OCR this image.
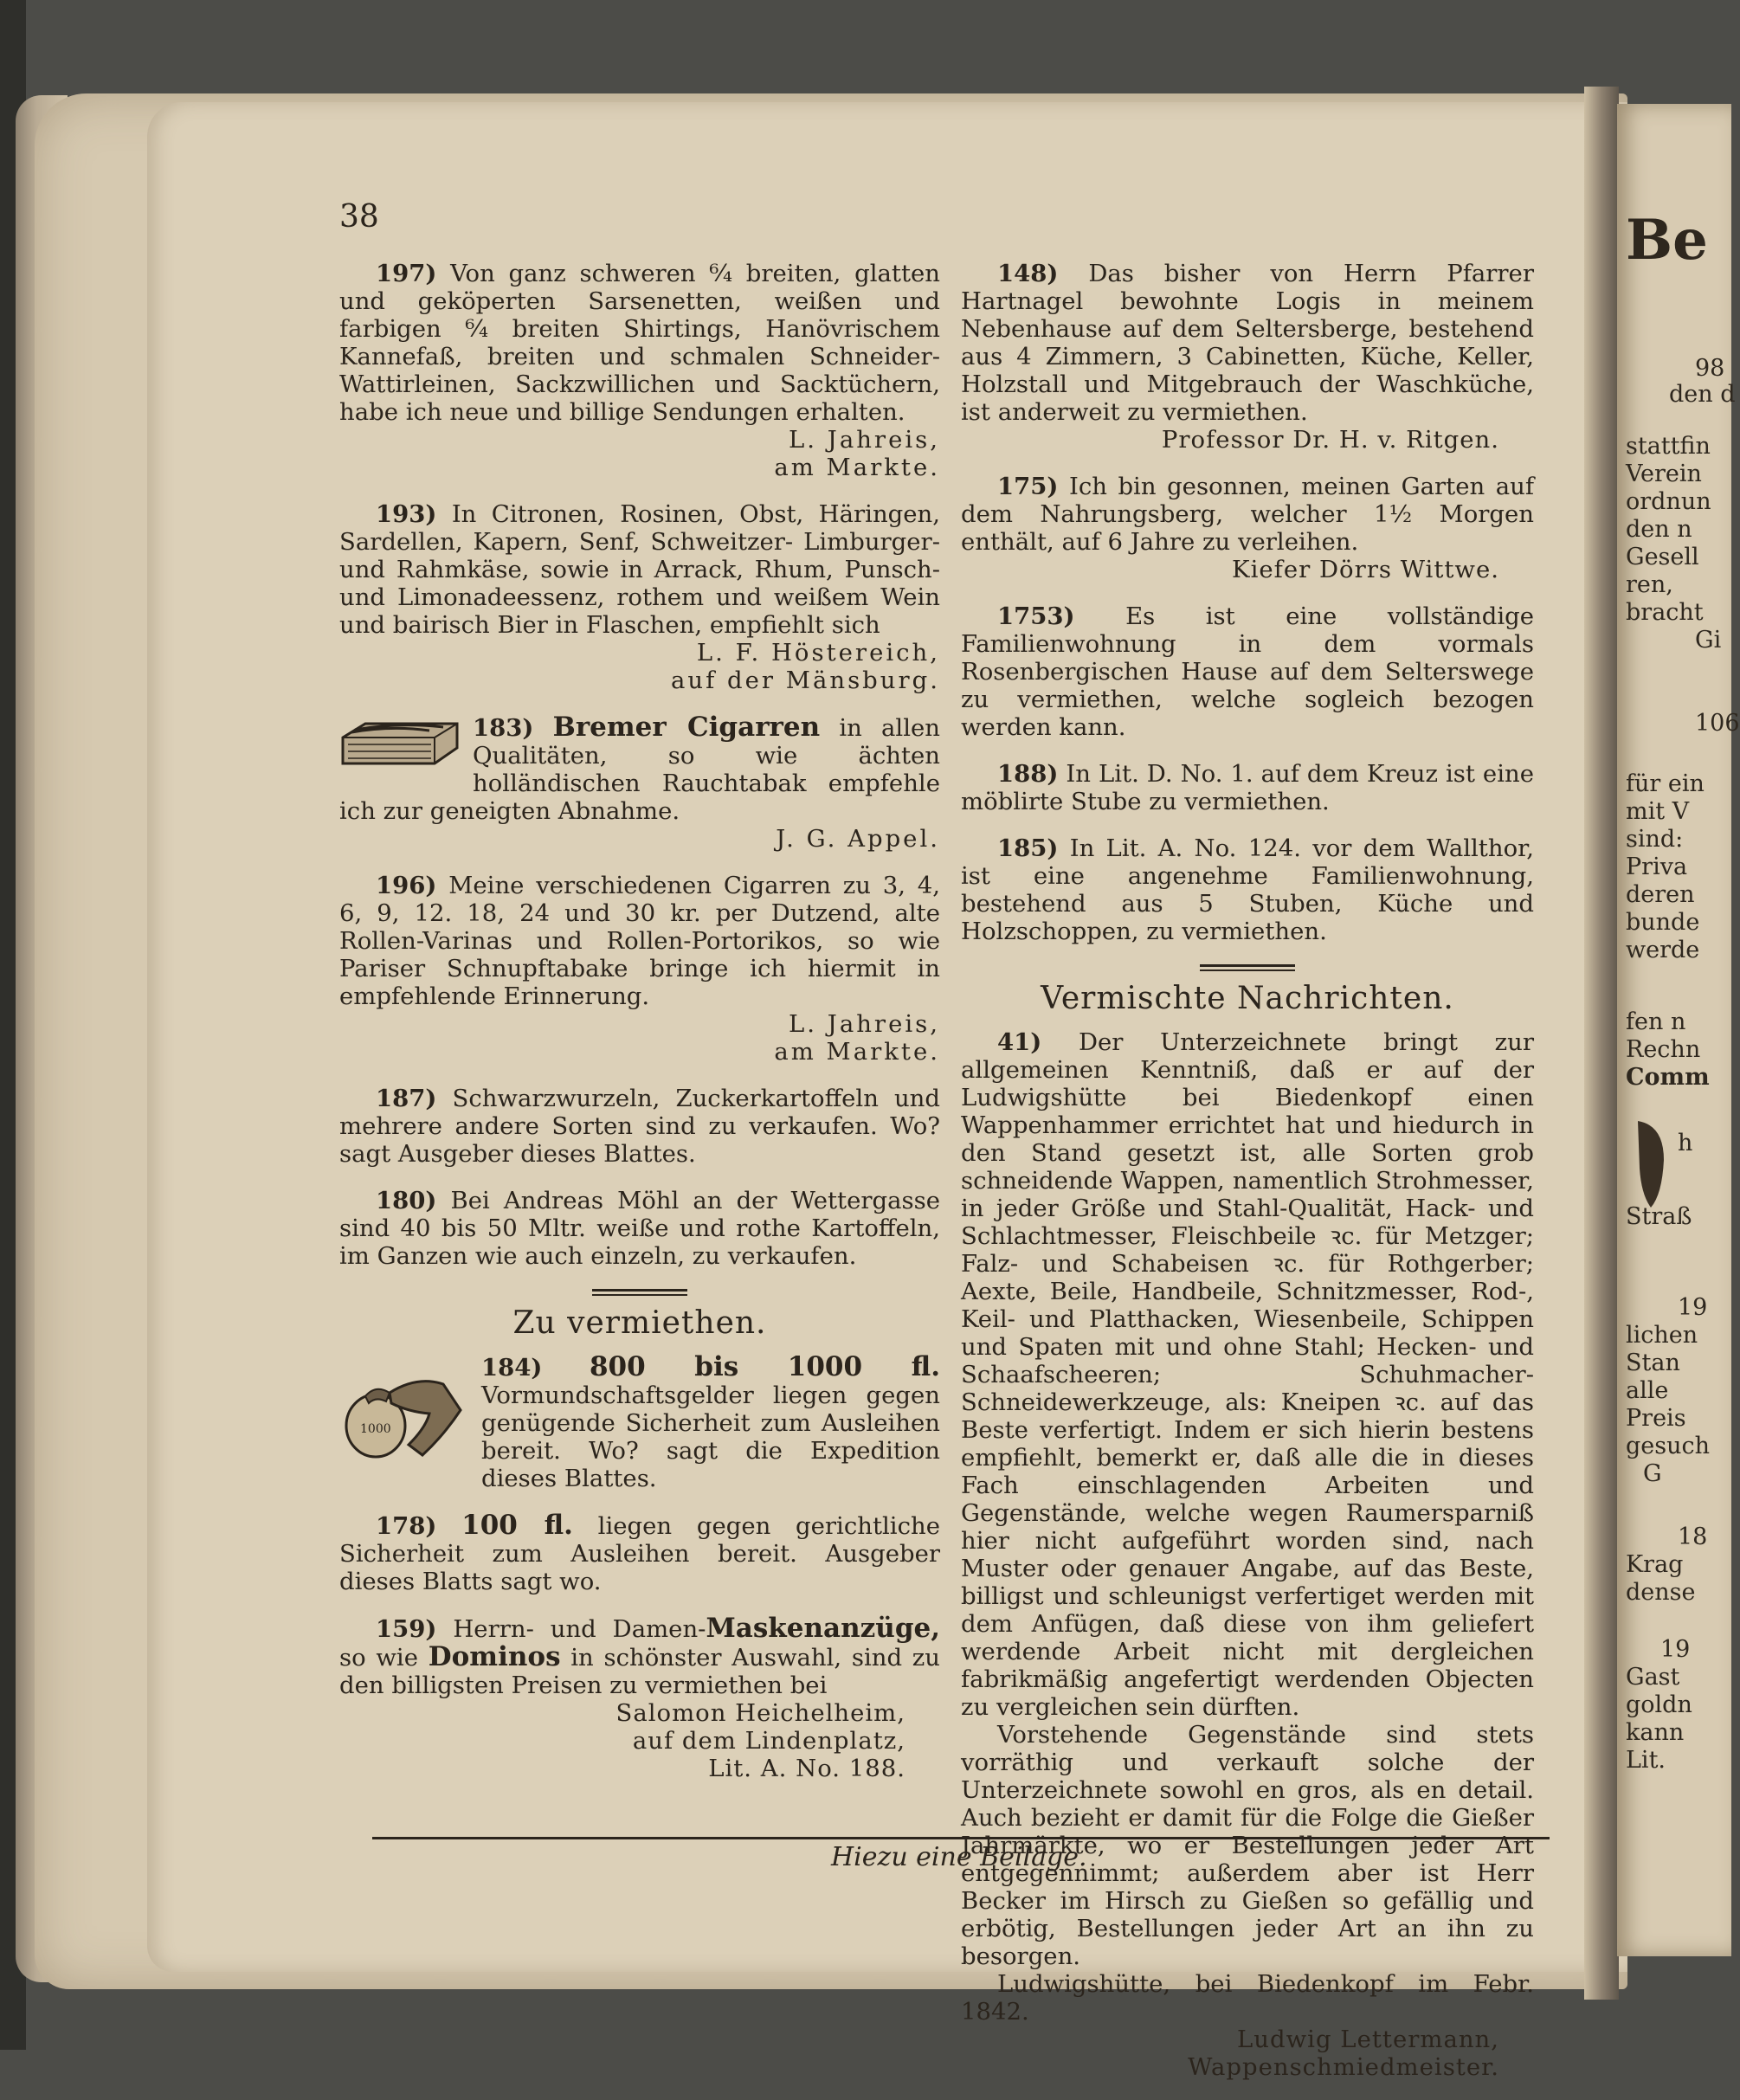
Be
98
den d
stattfin
Verein
ordnun
den n
Gesell
ren,
bracht
Gi
106
für ein
mit V
sind:
Priva
deren
bunde
werde
fen n
Rechn
Comm
h
Straß
19
lichen
Stan
alle
Preis
gesuch
G
18
Krag
dense
19
Gast
goldn
kann
Lit.
38

197) Von ganz schweren ⁶⁄₄ breiten, glatten und geköperten Sarsenetten, weißen und farbigen ⁶⁄₄ breiten Shirtings, Hanövrischem Kannefaß, breiten und schmalen Schneider-Wattirleinen, Sackzwillichen und Sacktüchern, habe ich neue und billige Sendungen erhalten.

L. Jahreis,

am Markte.

193) In Citronen, Rosinen, Obst, Häringen, Sardellen, Kapern, Senf, Schweitzer- Limburger- und Rahmkäse, sowie in Arrack, Rhum, Punsch- und Limonadeessenz, rothem und weißem Wein und bairisch Bier in Flaschen, empfiehlt sich

L. F. Höstereich,

auf der Mänsburg.

183) Bremer Cigarren in allen Qualitäten, so wie ächten holländischen Rauchtabak empfehle ich zur geneigten Abnahme.

J. G. Appel.

196) Meine verschiedenen Cigarren zu 3, 4, 6, 9, 12. 18, 24 und 30 kr. per Dutzend, alte Rollen-Varinas und Rollen-Portorikos, so wie Pariser Schnupftabake bringe ich hiermit in empfehlende Erinnerung.

L. Jahreis,

am Markte.

187) Schwarzwurzeln, Zuckerkartoffeln und mehrere andere Sorten sind zu verkaufen. Wo? sagt Ausgeber dieses Blattes.

180) Bei Andreas Möhl an der Wettergasse sind 40 bis 50 Mltr. weiße und rothe Kartoffeln, im Ganzen wie auch einzeln, zu verkaufen.

Zu vermiethen.
1000

184) 800 bis 1000 fl. Vormundschaftsgelder liegen gegen genügende Sicherheit zum Ausleihen bereit. Wo? sagt die Expedition dieses Blattes.

178) 100 fl. liegen gegen gerichtliche Sicherheit zum Ausleihen bereit. Ausgeber dieses Blatts sagt wo.

159) Herrn- und Damen-Maskenanzüge, so wie Dominos in schönster Auswahl, sind zu den billigsten Preisen zu vermiethen bei

Salomon Heichelheim,

auf dem Lindenplatz,

Lit. A. No. 188.

148) Das bisher von Herrn Pfarrer Hartnagel bewohnte Logis in meinem Nebenhause auf dem Seltersberge, bestehend aus 4 Zimmern, 3 Cabinetten, Küche, Keller, Holzstall und Mitgebrauch der Waschküche, ist anderweit zu vermiethen.

Professor Dr. H. v. Ritgen.

175) Ich bin gesonnen, meinen Garten auf dem Nahrungsberg, welcher 1½ Morgen enthält, auf 6 Jahre zu verleihen.

Kiefer Dörrs Wittwe.

1753) Es ist eine vollständige Familienwohnung in dem vormals Rosenbergischen Hause auf dem Selterswege zu vermiethen, welche sogleich bezogen werden kann.

188) In Lit. D. No. 1. auf dem Kreuz ist eine möblirte Stube zu vermiethen.

185) In Lit. A. No. 124. vor dem Wallthor, ist eine angenehme Familienwohnung, bestehend aus 5 Stuben, Küche und Holzschoppen, zu vermiethen.

Vermischte Nachrichten.

41) Der Unterzeichnete bringt zur allgemeinen Kenntniß, daß er auf der Ludwigshütte bei Biedenkopf einen Wappenhammer errichtet hat und hiedurch in den Stand gesetzt ist, alle Sorten grob schneidende Wappen, namentlich Strohmesser, in jeder Größe und Stahl-Qualität, Hack- und Schlachtmesser, Fleischbeile ꝛc. für Metzger; Falz- und Schabeisen ꝛc. für Rothgerber; Aexte, Beile, Handbeile, Schnitzmesser, Rod-, Keil- und Platthacken, Wiesenbeile, Schippen und Spaten mit und ohne Stahl; Hecken- und Schaafscheeren; Schuhmacher-Schneidewerkzeuge, als: Kneipen ꝛc. auf das Beste verfertigt. Indem er sich hierin bestens empfiehlt, bemerkt er, daß alle die in dieses Fach einschlagenden Arbeiten und Gegenstände, welche wegen Raumersparniß hier nicht aufgeführt worden sind, nach Muster oder genauer Angabe, auf das Beste, billigst und schleunigst verfertiget werden mit dem Anfügen, daß diese von ihm geliefert werdende Arbeit nicht mit dergleichen fabrikmäßig angefertigt werdenden Objecten zu vergleichen sein dürften.

Vorstehende Gegenstände sind stets vorräthig und verkauft solche der Unterzeichnete sowohl en gros, als en detail. Auch bezieht er damit für die Folge die Gießer Jahrmärkte, wo er Bestellungen jeder Art entgegennimmt; außerdem aber ist Herr Becker im Hirsch zu Gießen so gefällig und erbötig, Bestellungen jeder Art an ihn zu besorgen.

Ludwigshütte, bei Biedenkopf im Febr. 1842.

Ludwig Lettermann,

Wappenschmiedmeister.

Hiezu eine Beilage.
